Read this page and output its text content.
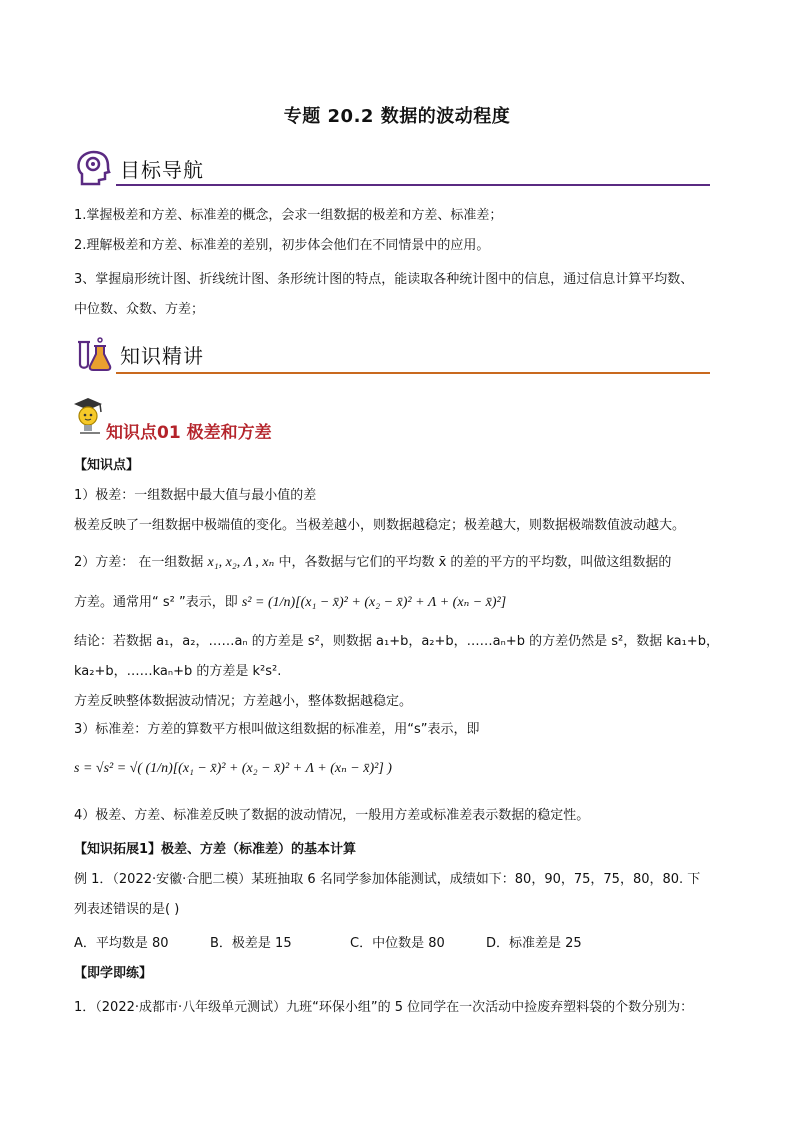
专题 20.2 数据的波动程度
目标导航
1.掌握极差和方差、标准差的概念，会求一组数据的极差和方差、标准差；
2.理解极差和方差、标准差的差别，初步体会他们在不同情景中的应用。
3、掌握扇形统计图、折线统计图、条形统计图的特点，能读取各种统计图中的信息，通过信息计算平均数、
中位数、众数、方差；
知识精讲
知识点01 极差和方差
【知识点】
1）极差：一组数据中最大值与最小值的差
极差反映了一组数据中极端值的变化。当极差越小，则数据越稳定；极差越大，则数据极端数值波动越大。
2）方差： 在一组数据 x₁, x₂, Λ , xₙ 中，各数据与它们的平均数 x̄ 的差的平方的平均数，叫做这组数据的
方差。通常用“ s² ”表示，即 s² = (1/n)[(x₁ − x̄)² + (x₂ − x̄)² + Λ + (xₙ − x̄)²]
结论：若数据 a₁，a₂，……aₙ 的方差是 s²，则数据 a₁+b，a₂+b，……aₙ+b 的方差仍然是 s²，数据 ka₁+b，
ka₂+b，……kaₙ+b 的方差是 k²s².
方差反映整体数据波动情况；方差越小，整体数据越稳定。
3）标准差：方差的算数平方根叫做这组数据的标准差，用“s”表示，即
s = √s² = √( (1/n)[(x₁ − x̄)² + (x₂ − x̄)² + Λ + (xₙ − x̄)²] )
4）极差、方差、标准差反映了数据的波动情况，一般用方差或标准差表示数据的稳定性。
【知识拓展1】极差、方差（标准差）的基本计算
例 1．（2022·安徽·合肥二模）某班抽取 6 名同学参加体能测试，成绩如下：80，90，75，75，80，80. 下
列表述错误的是( )
A．平均数是 80	B．极差是 15	C．中位数是 80	D．标准差是 25
【即学即练】
1．（2022·成都市·八年级单元测试）九班“环保小组”的 5 位同学在一次活动中捡废弃塑料袋的个数分别为：
